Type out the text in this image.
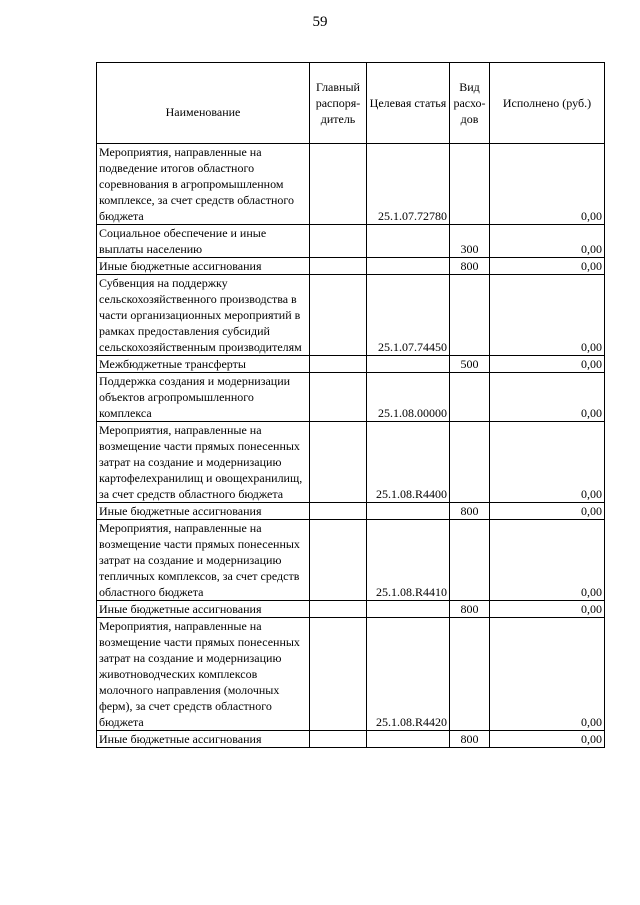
59
Наименование	Главный распоря-дитель	Целевая статья	Вид расхо-дов	Исполнено (руб.)
Мероприятия, направленные на подведение итогов областного соревнования в агропромышленном комплексе, за счет средств областного бюджета		25.1.07.72780		0,00
Социальное обеспечение и иные выплаты населению			300	0,00
Иные бюджетные ассигнования			800	0,00
Субвенция на поддержку сельскохозяйственного производства в части организационных мероприятий в рамках предоставления субсидий сельскохозяйственным производителям		25.1.07.74450		0,00
Межбюджетные трансферты			500	0,00
Поддержка создания и модернизации объектов агропромышленного комплекса		25.1.08.00000		0,00
Мероприятия, направленные на возмещение части прямых понесенных затрат на создание и модернизацию картофелехранилищ и овощехранилищ, за счет средств областного бюджета		25.1.08.R4400		0,00
Иные бюджетные ассигнования			800	0,00
Мероприятия, направленные на возмещение части прямых понесенных затрат на создание и модернизацию тепличных комплексов, за счет средств областного бюджета		25.1.08.R4410		0,00
Иные бюджетные ассигнования			800	0,00
Мероприятия, направленные на возмещение части прямых понесенных затрат на создание и модернизацию животноводческих комплексов молочного направления (молочных ферм), за счет средств областного бюджета		25.1.08.R4420		0,00
Иные бюджетные ассигнования			800	0,00
